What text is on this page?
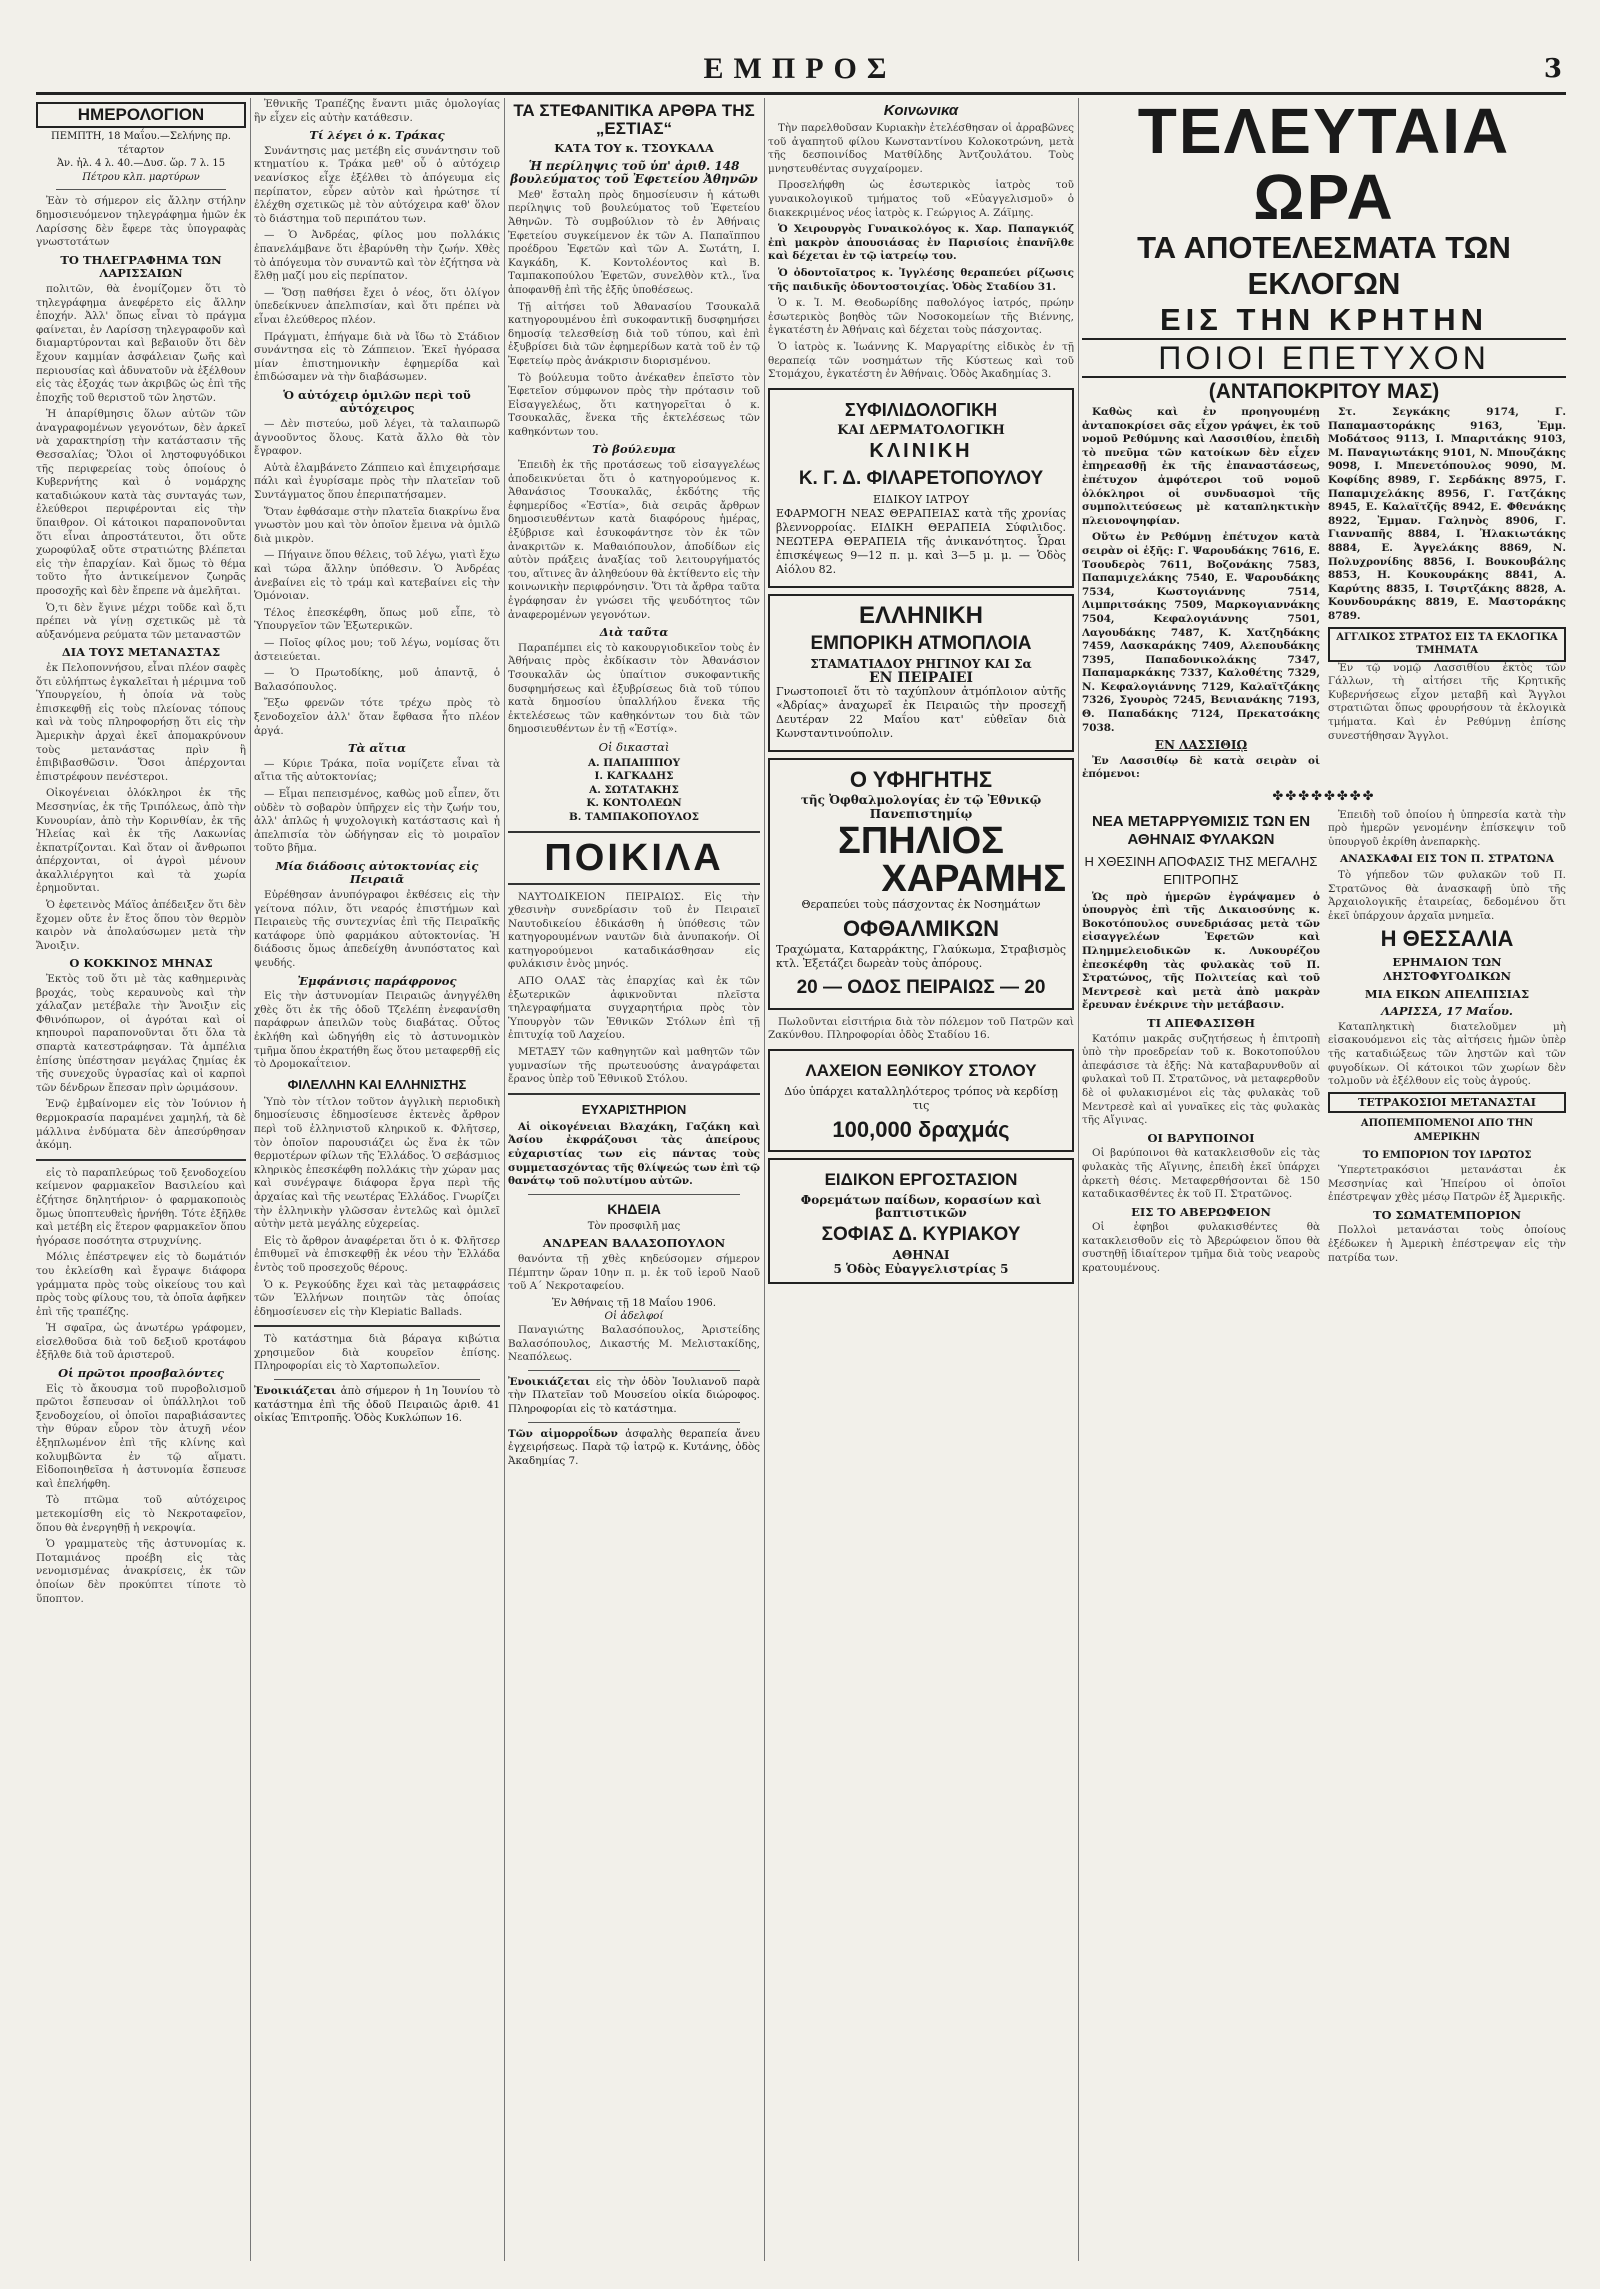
ΕΜΠΡΟΣ	3
ΗΜΕΡΟΛΟΓΙΟΝ
ΠΕΜΠΤΗ, 18 Μαΐου.—Σελήνης πρ. τέταρτον
Ἀν. ἡλ. 4 λ. 40.—Δυσ. ὥρ. 7 λ. 15
Πέτρου κλπ. μαρτύρων

Ἐὰν τὸ σήμερον εἰς ἄλλην στήλην δημοσιευόμενον τηλεγράφημα ἡμῶν ἐκ Λαρίσσης δὲν ἔφερε τὰς ὑπογραφὰς γνωστοτάτων

ΤΟ ΤΗΛΕΓΡΑΦΗΜΑ ΤΩΝ ΛΑΡΙΣΣΑΙΩΝ

πολιτῶν, θὰ ἐνομίζομεν ὅτι τὸ τηλεγράφημα ἀνεφέρετο εἰς ἄλλην ἐποχήν. Ἀλλ' ὅπως εἶναι τὸ πράγμα φαίνεται, ἐν Λαρίσσῃ τηλεγραφοῦν καὶ διαμαρτύρονται καὶ βεβαιοῦν ὅτι δὲν ἔχουν καμμίαν ἀσφάλειαν ζωῆς καὶ περιουσίας καὶ ἀδυνατοῦν νὰ ἐξέλθουν εἰς τὰς ἐξοχάς των ἀκριβῶς ὡς ἐπὶ τῆς ἐποχῆς τοῦ θεριστοῦ τῶν ληστῶν.

Ἡ ἀπαρίθμησις ὅλων αὐτῶν τῶν ἀναγραφομένων γεγονότων, δὲν ἀρκεῖ νὰ χαρακτηρίσῃ τὴν κατάστασιν τῆς Θεσσαλίας; Ὅλοι οἱ ληστοφυγόδικοι τῆς περιφερείας τοὺς ὁποίους ὁ Κυβερνήτης καὶ ὁ νομάρχης καταδιώκουν κατὰ τὰς συνταγάς των, ἐλεύθεροι περιφέρονται εἰς τὴν ὕπαιθρον. Οἱ κάτοικοι παραπονοῦνται ὅτι εἶναι ἀπροστάτευτοι, ὅτι οὔτε χωροφύλαξ οὔτε στρατιώτης βλέπεται εἰς τὴν ἐπαρχίαν. Καὶ ὅμως τὸ θέμα τοῦτο ἦτο ἀντικείμενον ζωηρᾶς προσοχῆς καὶ δὲν ἔπρεπε νὰ ἀμελῆται.

Ὁ,τι δὲν ἔγινε μέχρι τοῦδε καὶ ὅ,τι πρέπει νὰ γίνῃ σχετικῶς μὲ τὰ αὐξανόμενα ρεύματα τῶν μεταναστῶν

ΔΙΑ ΤΟΥΣ ΜΕΤΑΝΑΣΤΑΣ

ἐκ Πελοποννήσου, εἶναι πλέον σαφὲς ὅτι εὐλήπτως ἐγκαλεῖται ἡ μέριμνα τοῦ Ὑπουργείου, ἡ ὁποία νὰ τοὺς ἐπισκεφθῇ εἰς τοὺς πλείονας τόπους καὶ νὰ τοὺς πληροφορήσῃ ὅτι εἰς τὴν Ἀμερικὴν ἀρχαὶ ἐκεῖ ἀπομακρύνουν τοὺς μετανάστας πρὶν ἢ ἐπιβιβασθῶσιν. Ὅσοι ἀπέρχονται ἐπιστρέφουν πενέστεροι.

Οἰκογένειαι ὁλόκληροι ἐκ τῆς Μεσσηνίας, ἐκ τῆς Τριπόλεως, ἀπὸ τὴν Κυνουρίαν, ἀπὸ τὴν Κορινθίαν, ἐκ τῆς Ἠλείας καὶ ἐκ τῆς Λακωνίας ἐκπατρίζονται. Καὶ ὅταν οἱ ἄνθρωποι ἀπέρχονται, οἱ ἀγροὶ μένουν ἀκαλλιέργητοι καὶ τὰ χωρία ἐρημοῦνται.

Ὁ ἐφετεινὸς Μάϊος ἀπέδειξεν ὅτι δὲν ἔχομεν οὔτε ἐν ἔτος ὅπου τὸν θερμὸν καιρὸν νὰ ἀπολαύσωμεν μετὰ τὴν Ἄνοιξιν.

Ο ΚΟΚΚΙΝΟΣ ΜΗΝΑΣ

Ἐκτὸς τοῦ ὅτι μὲ τὰς καθημερινὰς βροχάς, τοὺς κεραυνοὺς καὶ τὴν χάλαζαν μετέβαλε τὴν Ἄνοιξιν εἰς Φθινόπωρον, οἱ ἀγρόται καὶ οἱ κηπουροὶ παραπονοῦνται ὅτι ὅλα τὰ σπαρτὰ κατεστράφησαν. Τὰ ἀμπέλια ἐπίσης ὑπέστησαν μεγάλας ζημίας ἐκ τῆς συνεχοῦς ὑγρασίας καὶ οἱ καρποὶ τῶν δένδρων ἔπεσαν πρὶν ὡριμάσουν.

Ἐνῷ ἐμβαίνομεν εἰς τὸν Ἰούνιον ἡ θερμοκρασία παραμένει χαμηλή, τὰ δὲ μάλλινα ἐνδύματα δὲν ἀπεσύρθησαν ἀκόμη.

εἰς τὸ παραπλεύρως τοῦ ξενοδοχείου κείμενον φαρμακεῖον Βασιλείου καὶ ἐζήτησε δηλητήριον· ὁ φαρμακοποιὸς ὅμως ὑποπτευθεὶς ἠρνήθη. Τότε ἐξῆλθε καὶ μετέβη εἰς ἕτερον φαρμακεῖον ὅπου ἠγόρασε ποσότητα στρυχνίνης.

Μόλις ἐπέστρεψεν εἰς τὸ δωμάτιόν του ἐκλείσθη καὶ ἔγραψε διάφορα γράμματα πρὸς τοὺς οἰκείους του καὶ πρὸς τοὺς φίλους του, τὰ ὁποῖα ἀφῆκεν ἐπὶ τῆς τραπέζης.

Ἡ σφαῖρα, ὡς ἀνωτέρω γράφομεν, εἰσελθοῦσα διὰ τοῦ δεξιοῦ κροτάφου ἐξῆλθε διὰ τοῦ ἀριστεροῦ.

Οἱ πρῶτοι προσβαλόντες

Εἰς τὸ ἄκουσμα τοῦ πυροβολισμοῦ πρῶτοι ἔσπευσαν οἱ ὑπάλληλοι τοῦ ξενοδοχείου, οἱ ὁποῖοι παραβιάσαντες τὴν θύραν εὗρον τὸν ἀτυχῆ νέον ἐξηπλωμένον ἐπὶ τῆς κλίνης καὶ κολυμβῶντα ἐν τῷ αἵματι. Εἰδοποιηθεῖσα ἡ ἀστυνομία ἔσπευσε καὶ ἐπελήφθη.

Τὸ πτῶμα τοῦ αὐτόχειρος μετεκομίσθη εἰς τὸ Νεκροταφεῖον, ὅπου θὰ ἐνεργηθῇ ἡ νεκροψία.

Ὁ γραμματεὺς τῆς ἀστυνομίας κ. Ποταμιάνος προέβη εἰς τὰς νενομισμένας ἀνακρίσεις, ἐκ τῶν ὁποίων δὲν προκύπτει τίποτε τὸ ὕποπτον.

Ἐθνικῆς Τραπέζης ἔναντι μιᾶς ὁμολογίας ἣν εἶχεν εἰς αὐτὴν κατάθεσιν.

Τί λέγει ὁ κ. Τράκας

Συνάντησις μας μετέβη εἰς συνάντησιν τοῦ κτηματίου κ. Τράκα μεθ' οὗ ὁ αὐτόχειρ νεανίσκος εἶχε ἐξέλθει τὸ ἀπόγευμα εἰς περίπατον, εὗρεν αὐτὸν καὶ ἠρώτησε τί ἐλέχθη σχετικῶς μὲ τὸν αὐτόχειρα καθ' ὅλον τὸ διάστημα τοῦ περιπάτου των.

— Ὁ Ἀνδρέας, φίλος μου πολλάκις ἐπανελάμβανε ὅτι ἐβαρύνθη τὴν ζωήν. Χθὲς τὸ ἀπόγευμα τὸν συναντῶ καὶ τὸν ἐζήτησα νὰ ἔλθῃ μαζί μου εἰς περίπατον.

— Ὅσῃ παθήσει ἔχει ὁ νέος, ὅτι ὀλίγον ὑπεδείκνυεν ἀπελπισίαν, καὶ ὅτι πρέπει νὰ εἶναι ἐλεύθερος πλέον.

Πράγματι, ἐπήγαμε διὰ νὰ ἴδω τὸ Στάδιον συνάντησα εἰς τὸ Ζάππειον. Ἐκεῖ ἠγόρασα μίαν ἐπιστημονικὴν ἐφημερίδα καὶ ἐπιδώσαμεν νὰ τὴν διαβάσωμεν.

Ὁ αὐτόχειρ ὁμιλῶν περὶ τοῦ αὐτόχειρος

— Δὲν πιστεύω, μοῦ λέγει, τὰ ταλαιπωρῶ ἀγνοοῦντος ὅλους. Κατὰ ἄλλο θὰ τὸν ἔγραφον.

Αὐτὰ ἐλαμβάνετο Ζάππειο καὶ ἐπιχειρήσαμε πάλι καὶ ἐγυρίσαμε πρὸς τὴν πλατεῖαν τοῦ Συντάγματος ὅπου ἐπεριπατήσαμεν.

Ὅταν ἐφθάσαμε στὴν πλατεῖα διακρίνω ἕνα γνωστὸν μου καὶ τὸν ὁποῖον ἔμεινα νὰ ὁμιλῶ διὰ μικρὸν.

— Πήγαινε ὅπου θέλεις, τοῦ λέγω, γιατὶ ἔχω καὶ τώρα ἄλλην ὑπόθεσιν. Ὁ Ἀνδρέας ἀνεβαίνει εἰς τὸ τράμ καὶ κατεβαίνει εἰς τὴν Ὁμόνοιαν.

Τέλος ἐπεσκέφθη, ὅπως μοῦ εἶπε, τὸ Ὑπουργεῖον τῶν Ἐξωτερικῶν.

— Ποῖος φίλος μου; τοῦ λέγω, νομίσας ὅτι ἀστειεύεται.

— Ὁ Πρωτοδίκης, μοῦ ἀπαντᾷ, ὁ Βαλασόπουλος.

Ἔξω φρενῶν τότε τρέχω πρὸς τὸ ξενοδοχεῖον ἀλλ' ὅταν ἔφθασα ἦτο πλέον ἀργά.

Τὰ αἴτια

— Κύριε Τράκα, ποῖα νομίζετε εἶναι τὰ αἴτια τῆς αὐτοκτονίας;

— Εἶμαι πεπεισμένος, καθὼς μοῦ εἶπεν, ὅτι οὐδὲν τὸ σοβαρὸν ὑπῆρχεν εἰς τὴν ζωήν του, ἀλλ' ἁπλῶς ἡ ψυχολογικὴ κατάστασις καὶ ἡ ἀπελπισία τὸν ὡδήγησαν εἰς τὸ μοιραῖον τοῦτο βῆμα.

Μία διάδοσις αὐτοκτονίας εἰς Πειραιᾶ

Εὐρέθησαν ἀνυπόγραφοι ἐκθέσεις εἰς τὴν γείτονα πόλιν, ὅτι νεαρός ἐπιστήμων καὶ Πειραιεὺς τῆς συντεχνίας ἐπὶ τῆς Πειραϊκῆς κατάφορε ὑπὸ φαρμάκου αὐτοκτονίας. Ἡ διάδοσις ὅμως ἀπεδείχθη ἀνυπόστατος καὶ ψευδής.

Ἐμφάνισις παράφρονος

Εἰς τὴν ἀστυνομίαν Πειραιῶς ἀνηγγέλθη χθὲς ὅτι ἐκ τῆς ὁδοῦ Τζελέπη ἐνεφανίσθη παράφρων ἀπειλῶν τοὺς διαβάτας. Οὗτος ἐκλήθη καὶ ὡδηγήθη εἰς τὸ ἀστυνομικὸν τμῆμα ὅπου ἐκρατήθη ἕως ὅτου μεταφερθῇ εἰς τὸ Δρομοκαΐτειον.

ΦΙΛΕΛΛΗΝ ΚΑΙ ΕΛΛΗΝΙΣΤΗΣ

Ὑπὸ τὸν τίτλον τοῦτον ἀγγλικὴ περιοδικὴ δημοσίευσις ἐδημοσίευσε ἐκτενὲς ἄρθρον περὶ τοῦ ἐλληνιστοῦ κληρικοῦ κ. Φλῆτσερ, τὸν ὁποῖον παρουσιάζει ὡς ἕνα ἐκ τῶν θερμοτέρων φίλων τῆς Ἑλλάδος. Ὁ σεβάσμιος κληρικὸς ἐπεσκέφθη πολλάκις τὴν χώραν μας καὶ συνέγραψε διάφορα ἔργα περὶ τῆς ἀρχαίας καὶ τῆς νεωτέρας Ἑλλάδος. Γνωρίζει τὴν ἑλληνικὴν γλῶσσαν ἐντελῶς καὶ ὁμιλεῖ αὐτὴν μετὰ μεγάλης εὐχερείας.

Εἰς τὸ ἄρθρον ἀναφέρεται ὅτι ὁ κ. Φλῆτσερ ἐπιθυμεῖ νὰ ἐπισκεφθῇ ἐκ νέου τὴν Ἑλλάδα ἐντὸς τοῦ προσεχοῦς θέρους.

Ὁ κ. Ρεγκούδης ἔχει καὶ τὰς μεταφράσεις τῶν Ἑλλήνων ποιητῶν τὰς ὁποίας ἐδημοσίευσεν εἰς τὴν Κlepiatic Ballads.

Τὸ κατάστημα διὰ βάραγα κιβώτια χρησιμεῦον διὰ κουρεῖον ἐπίσης. Πληροφορίαι εἰς τὸ Χαρτοπωλεῖον.

Ἐνοικιάζεται ἀπὸ σήμερον ἡ 1η Ἰουνίου τὸ κατάστημα ἐπὶ τῆς ὁδοῦ Πειραιῶς ἀριθ. 41 οἰκίας Ἐπιτροπῆς. Ὁδὸς Κυκλώπων 16.

ΤΑ ΣΤΕΦΑΝΙΤΙΚΑ ΑΡΘΡΑ ΤΗΣ „ΕΣΤΙΑΣ“
ΚΑΤΑ ΤΟΥ κ. ΤΣΟΥΚΑΛΑ
Ἡ περίληψις τοῦ ὑπ' ἀριθ. 148 βουλεύματος τοῦ Ἐφετείου Ἀθηνῶν

Μεθ' ἔσταλη πρὸς δημοσίευσιν ἡ κάτωθι περίληψις τοῦ βουλεύματος τοῦ Ἐφετείου Ἀθηνῶν. Τὸ συμβούλιον τὸ ἐν Ἀθήναις Ἐφετείου συγκείμενον ἐκ τῶν Α. Παπαϊππου προέδρου Ἐφετῶν καὶ τῶν Α. Σωτάτη, Ι. Καγκάδη, Κ. Κοντολέοντος καὶ Β. Ταμπακοπούλου Ἐφετῶν, συνελθὸν κτλ., ἵνα ἀποφανθῇ ἐπὶ τῆς ἐξῆς ὑποθέσεως.

Τῇ αἰτήσει τοῦ Ἀθανασίου Τσουκαλᾶ κατηγορουμένου ἐπὶ συκοφαντικῇ δυσφημήσει δημοσίᾳ τελεσθείσῃ διὰ τοῦ τύπου, καὶ ἐπὶ ἐξυβρίσει διὰ τῶν ἐφημερίδων κατὰ τοῦ ἐν τῷ Ἐφετείῳ πρὸς ἀνάκρισιν διορισμένου.

Τὸ βούλευμα τοῦτο ἀνέκαθεν ἐπεῖστο τὸν Ἐφετεῖον σύμφωνον πρὸς τὴν πρότασιν τοῦ Εἰσαγγελέως, ὅτι κατηγορεῖται ὁ κ. Τσουκαλᾶς, ἕνεκα τῆς ἐκτελέσεως τῶν καθηκόντων του.

Τὸ βούλευμα

Ἐπειδὴ ἐκ τῆς προτάσεως τοῦ εἰσαγγελέως ἀποδεικνύεται ὅτι ὁ κατηγορούμενος κ. Ἀθανάσιος Τσουκαλᾶς, ἐκδότης τῆς ἐφημερίδος «Ἑστία», διὰ σειρᾶς ἄρθρων δημοσιευθέντων κατὰ διαφόρους ἡμέρας, ἐξύβρισε καὶ ἐσυκοφάντησε τὸν ἐκ τῶν ἀνακριτῶν κ. Μαθαιόπουλον, ἀποδίδων εἰς αὐτὸν πράξεις ἀναξίας τοῦ λειτουργήματός του, αἵτινες ἂν ἀληθεύουν θὰ ἐκτίθεντο εἰς τὴν κοινωνικὴν περιφρόνησιν. Ὅτι τὰ ἄρθρα ταῦτα ἐγράφησαν ἐν γνώσει τῆς ψευδότητος τῶν ἀναφερομένων γεγονότων.

Διὰ ταῦτα

Παραπέμπει εἰς τὸ κακουργιοδικεῖον τοὺς ἐν Ἀθήναις πρὸς ἐκδίκασιν τὸν Ἀθανάσιον Τσουκαλᾶν ὡς ὑπαίτιον συκοφαντικῆς δυσφημήσεως καὶ ἐξυβρίσεως διὰ τοῦ τύπου κατὰ δημοσίου ὑπαλλήλου ἕνεκα τῆς ἐκτελέσεως τῶν καθηκόντων του διὰ τῶν δημοσιευθέντων ἐν τῇ «Ἑστίᾳ».

Οἱ δικασταὶ
Α. ΠΑΠΑΙΠΠΟΥ
Ι. ΚΑΓΚΑΔΗΣ
Α. ΣΩΤΑΤΑΚΗΣ
Κ. ΚΟΝΤΟΛΕΩΝ
Β. ΤΑΜΠΑΚΟΠΟΥΛΟΣ
ΠΟΙΚΙΛΑ

ΝΑΥΤΟΔΙΚΕΙΟΝ ΠΕΙΡΑΙΩΣ. Εἰς τὴν χθεσινὴν συνεδρίασιν τοῦ ἐν Πειραιεῖ Ναυτοδικείου ἐδικάσθη ἡ ὑπόθεσις τῶν κατηγορουμένων ναυτῶν διὰ ἀνυπακοήν. Οἱ κατηγορούμενοι καταδικάσθησαν εἰς φυλάκισιν ἑνὸς μηνός.

ΑΠΟ ΟΛΑΣ τὰς ἐπαρχίας καὶ ἐκ τῶν ἐξωτερικῶν ἀφικνοῦνται πλεῖστα τηλεγραφήματα συγχαρητήρια πρὸς τὸν Ὑπουργὸν τῶν Ἐθνικῶν Στόλων ἐπὶ τῇ ἐπιτυχίᾳ τοῦ Λαχείου.

ΜΕΤΑΞΥ τῶν καθηγητῶν καὶ μαθητῶν τῶν γυμνασίων τῆς πρωτευούσης ἀναγράφεται ἔρανος ὑπὲρ τοῦ Ἐθνικοῦ Στόλου.

ΕΥΧΑΡΙΣΤΗΡΙΟΝ

Αἱ οἰκογένειαι Βλαχάκη, Γαζάκη καὶ Ἀσίου ἐκφράζουσι τὰς ἀπείρους εὐχαριστίας των εἰς πάντας τοὺς συμμετασχόντας τῆς θλίψεώς των ἐπὶ τῷ θανάτῳ τοῦ πολυτίμου αὐτῶν.

ΚΗΔΕΙΑ
Τὸν προσφιλῆ μας
ΑΝΔΡΕΑΝ ΒΑΛΑΣΟΠΟΥΛΟΝ

θανόντα τῇ χθὲς κηδεύσομεν σήμερον Πέμπτην ὥραν 10ην π. μ. ἐκ τοῦ ἱεροῦ Ναοῦ τοῦ Α΄ Νεκροταφείου.

Ἐν Ἀθήναις τῇ 18 Μαΐου 1906.
Οἱ ἀδελφοί

Παναγιώτης Βαλασόπουλος, Ἀριστείδης Βαλασόπουλος, Δικαστής Μ. Μελιστακίδης, Νεαπόλεως.

Ἐνοικιάζεται εἰς τὴν ὁδὸν Ἰουλιανοῦ παρὰ τὴν Πλατεῖαν τοῦ Μουσείου οἰκία διώροφος. Πληροφορίαι εἰς τὸ κατάστημα.

Τῶν αἱμορροΐδων ἀσφαλὴς θεραπεία ἄνευ ἐγχειρήσεως. Παρὰ τῷ ἰατρῷ κ. Κυτάνης, ὁδὸς Ἀκαδημίας 7.

Κοινωνικα

Τὴν παρελθοῦσαν Κυριακὴν ἐτελέσθησαν οἱ ἀρραβῶνες τοῦ ἀγαπητοῦ φίλου Κωνσταντίνου Κολοκοτρώνη, μετὰ τῆς δεσποινίδος Ματθίλδης Ἀντζουλάτου. Τοὺς μνηστευθέντας συγχαίρομεν.

Προσελήφθη ὡς ἐσωτερικὸς ἰατρὸς τοῦ γυναικολογικοῦ τμήματος τοῦ «Εὐαγγελισμοῦ» ὁ διακεκριμένος νέος ἰατρὸς κ. Γεώργιος Α. Ζάϊμης.

Ὁ Χειρουργὸς Γυναικολόγος κ. Χαρ. Παπαγκιόζ ἐπὶ μακρὸν ἀπουσιάσας ἐν Παρισίοις ἐπανῆλθε καὶ δέχεται ἐν τῷ ἰατρείῳ του.

Ὁ ὀδοντοῖατρος κ. Ἰγγλέσης θεραπεύει ρίζωσις τῆς παιδικῆς ὀδοντοστοιχίας. Ὁδὸς Σταδίου 31.

Ὁ κ. Ἰ. Μ. Θεοδωρίδης παθολόγος ἰατρός, πρώην ἐσωτερικὸς βοηθὸς τῶν Νοσοκομείων τῆς Βιέννης, ἐγκατέστη ἐν Ἀθήναις καὶ δέχεται τοὺς πάσχοντας.

Ὁ ἰατρὸς κ. Ἰωάννης Κ. Μαργαρίτης εἰδικὸς ἐν τῇ θεραπείᾳ τῶν νοσημάτων τῆς Κύστεως καὶ τοῦ Στομάχου, ἐγκατέστη ἐν Ἀθήναις. Ὁδὸς Ἀκαδημίας 3.

ΣΥΦΙΛΙΔΟΛΟΓΙΚΗ
ΚΑΙ ΔΕΡΜΑΤΟΛΟΓΙΚΗ
ΚΛΙΝΙΚΗ
Κ. Γ. Δ. ΦΙΛΑΡΕΤΟΠΟΥΛΟΥ
ΕΙΔΙΚΟΥ ΙΑΤΡΟΥ

ΕΦΑΡΜΟΓΗ ΝΕΑΣ ΘΕΡΑΠΕΙΑΣ κατὰ τῆς χρονίας βλεννορροίας. ΕΙΔΙΚΗ ΘΕΡΑΠΕΙΑ Σύφιλιδος. ΝΕΩΤΕΡΑ ΘΕΡΑΠΕΙΑ τῆς ἀνικανότητος. Ὧραι ἐπισκέψεως 9—12 π. μ. καὶ 3—5 μ. μ. — Ὁδὸς Αἰόλου 82.

ΕΛΛΗΝΙΚΗ
ΕΜΠΟΡΙΚΗ ΑΤΜΟΠΛΟΙΑ
ΣΤΑΜΑΤΙΑΔΟΥ ΡΗΓΙΝΟΥ ΚΑΙ Σα
ΕΝ ΠΕΙΡΑΙΕΙ

Γνωστοποιεῖ ὅτι τὸ ταχύπλουν ἀτμόπλοιον αὐτῆς «Ἀδρίας» ἀναχωρεῖ ἐκ Πειραιῶς τὴν προσεχῆ Δευτέραν 22 Μαΐου κατ' εὐθεῖαν διὰ Κωνσταντινούπολιν.

Ο ΥΦΗΓΗΤΗΣ
τῆς Ὀφθαλμολογίας ἐν τῷ Ἐθνικῷ Πανεπιστημίῳ
ΣΠΗΛΙΟΣ
ΧΑΡΑΜΗΣ

Θεραπεύει τοὺς πάσχοντας ἐκ Νοσημάτων

ΟΦΘΑΛΜΙΚΩΝ

Τραχώματα, Καταρράκτης, Γλαύκωμα, Στραβισμὸς κτλ. Ἐξετάζει δωρεὰν τοὺς ἀπόρους.

20 — ΟΔΟΣ ΠΕΙΡΑΙΩΣ — 20

Πωλοῦνται εἰσιτήρια διὰ τὸν πόλεμον τοῦ Πατρῶν καὶ Ζακύνθου. Πληροφορίαι ὁδὸς Σταδίου 16.

ΛΑΧΕΙΟΝ ΕΘΝΙΚΟΥ ΣΤΟΛΟΥ

Δύο ὑπάρχει καταλληλότερος τρόπος νὰ κερδίσῃ τις

100,000 δραχμάς
ΕΙΔΙΚΟΝ ΕΡΓΟΣΤΑΣΙΟΝ
Φορεμάτων παίδων, κορασίων καὶ βαπτιστικῶν
ΣΟΦΙΑΣ Δ. ΚΥΡΙΑΚΟΥ
ΑΘΗΝΑΙ
5 Ὁδὸς Εὐαγγελιστρίας 5
ΤΕΛΕΥΤΑΙΑ ΩΡΑ
ΤΑ ΑΠΟΤΕΛΕΣΜΑΤΑ ΤΩΝ ΕΚΛΟΓΩΝ
ΕΙΣ ΤΗΝ ΚΡΗΤΗΝ
ΠΟΙΟΙ ΕΠΕΤΥΧΟΝ
(ΑΝΤΑΠΟΚΡΙΤΟΥ ΜΑΣ)

Καθὼς καὶ ἐν προηγουμένῃ ἀνταποκρίσει σᾶς εἶχον γράψει, ἐκ τοῦ νομοῦ Ρεθύμνης καὶ Λασσιθίου, ἐπειδὴ τὸ πνεῦμα τῶν κατοίκων δὲν εἶχεν ἐπηρεασθῇ ἐκ τῆς ἐπαναστάσεως, ἐπέτυχον ἀμφότεροι τοῦ νομοῦ ὁλόκληροι οἱ συνδυασμοὶ τῆς συμπολιτεύσεως μὲ καταπληκτικὴν πλειονοψηφίαν.

Οὕτω ἐν Ρεθύμνῃ ἐπέτυχον κατὰ σειρὰν οἱ ἑξῆς: Γ. Ψαρουδάκης 7616, Ε. Τσουδερὸς 7611, Βοζονάκης 7583, Παπαμιχελάκης 7540, Ε. Ψαρουδάκης 7534, Κωστογιάννης 7514, Λιμπριτσάκης 7509, Μαρκογιαννάκης 7504, Κεφαλογιάννης 7501, Λαγουδάκης 7487, Κ. Χατζηδάκης 7459, Λασκαράκης 7409, Αλεπουδάκης 7395, Παπαδονικολάκης 7347, Παπαμαρκάκης 7337, Καλοθέτης 7329, Ν. Κεφαλογιάννης 7129, Καλαϊτζάκης 7326, Σγουρὸς 7245, Βενιανάκης 7193, Θ. Παπαδάκης 7124, Πρεκατσάκης 7038.

ΕΝ ΛΑΣΣΙΘΙῼ

Ἐν Λασσιθίῳ δὲ κατὰ σειρὰν οἱ ἐπόμενοι:

Στ. Σεγκάκης 9174, Γ. Παπαμαστοράκης 9163, Ἐμμ. Μοδάτσος 9113, Ι. Μπαριτάκης 9103, Μ. Παναγιωτάκης 9101, Ν. Μπουζάκης 9098, Ι. Μπενετόπουλος 9090, Μ. Κοφίδης 8989, Γ. Σερδάκης 8975, Γ. Παπαμιχελάκης 8956, Γ. Γατζάκης 8945, Ε. Καλαϊτζῆς 8942, Ε. Φθενάκης 8922, Ἐμμαν. Γαληνὸς 8906, Γ. Γιανναπῆς 8884, Ι. Ἠλακιωτάκης 8884, Ε. Ἀγγελάκης 8869, Ν. Πολυχρονίδης 8856, Ι. Βουκουβάλης 8853, Η. Κουκουράκης 8841, Α. Καρύτης 8835, Ι. Τσιρτζάκης 8828, Α. Κουνδουράκης 8819, Ε. Μαστοράκης 8789.

ΑΓΓΛΙΚΟΣ ΣΤΡΑΤΟΣ ΕΙΣ ΤΑ ΕΚΛΟΓΙΚΑ ΤΜΗΜΑΤΑ

Ἐν τῷ νομῷ Λασσιθίου ἐκτὸς τῶν Γάλλων, τὴ αἰτήσει τῆς Κρητικῆς Κυβερνήσεως εἶχον μεταβῆ καὶ Ἄγγλοι στρατιῶται ὅπως φρουρήσουν τὰ ἐκλογικὰ τμήματα. Καὶ ἐν Ρεθύμνῃ ἐπίσης συνεστήθησαν Ἄγγλοι.

✤✤✤✤✤✤✤✤
ΝΕΑ ΜΕΤΑΡΡΥΘΜΙΣΙΣ ΤΩΝ ΕΝ ΑΘΗΝΑΙΣ ΦΥΛΑΚΩΝ
Η ΧΘΕΣΙΝΗ ΑΠΟΦΑΣΙΣ ΤΗΣ ΜΕΓΑΛΗΣ ΕΠΙΤΡΟΠΗΣ

Ὡς πρὸ ἡμερῶν ἐγράψαμεν ὁ ὑπουργὸς ἐπὶ τῆς Δικαιοσύνης κ. Βοκοτόπουλος συνεδριάσας μετὰ τῶν εἰσαγγελέων Ἐφετῶν καὶ Πλημμελειοδικῶν κ. Λυκουρέζου ἐπεσκέφθη τὰς φυλακὰς τοῦ Π. Στρατώνος, τῆς Πολιτείας καὶ τοῦ Μεντρεσὲ καὶ μετὰ ἀπὸ μακρὰν ἔρευναν ἐνέκρινε τὴν μετάβασιν.

ΤΙ ΑΠΕΦΑΣΙΣΘΗ

Κατόπιν μακρᾶς συζητήσεως ἡ ἐπιτροπὴ ὑπὸ τὴν προεδρείαν τοῦ κ. Βοκοτοπούλου ἀπεφάσισε τὰ ἑξῆς: Νὰ καταβαρυνθοῦν αἱ φυλακαὶ τοῦ Π. Στρατῶνος, νὰ μεταφερθοῦν δὲ οἱ φυλακισμένοι εἰς τὰς φυλακὰς τοῦ Μεντρεσὲ καὶ αἱ γυναῖκες εἰς τὰς φυλακὰς τῆς Αἴγινας.

ΟΙ ΒΑΡΥΠΟΙΝΟΙ

Οἱ βαρύποινοι θὰ κατακλεισθοῦν εἰς τὰς φυλακὰς τῆς Αἴγινης, ἐπειδὴ ἐκεῖ ὑπάρχει ἀρκετὴ θέσις. Μεταφερθήσονται δὲ 150 καταδικασθέντες ἐκ τοῦ Π. Στρατῶνος.

ΕΙΣ ΤΟ ΑΒΕΡΩΦΕΙΟΝ

Οἱ ἐφηβοι φυλακισθέντες θὰ κατακλεισθοῦν εἰς τὸ Ἀβερώφειον ὅπου θὰ συστηθῇ ἰδιαίτερον τμῆμα διὰ τοὺς νεαροὺς κρατουμένους.

Ἐπειδὴ τοῦ ὁποίου ἡ ὑπηρεσία κατὰ τὴν πρὸ ἡμερῶν γενομένην ἐπίσκεψιν τοῦ ὑπουργοῦ ἐκρίθη ἀνεπαρκὴς.

ΑΝΑΣΚΑΦΑΙ ΕΙΣ ΤΟΝ Π. ΣΤΡΑΤΩΝΑ

Τὸ γήπεδον τῶν φυλακῶν τοῦ Π. Στρατῶνος θὰ ἀνασκαφῇ ὑπὸ τῆς Ἀρχαιολογικῆς ἑταιρείας, δεδομένου ὅτι ἐκεῖ ὑπάρχουν ἀρχαῖα μνημεῖα.

Η ΘΕΣΣΑΛΙΑ
ΕΡΗΜΑΙΟΝ ΤΩΝ ΛΗΣΤΟΦΥΓΟΔΙΚΩΝ
ΜΙΑ ΕΙΚΩΝ ΑΠΕΛΠΙΣΙΑΣ
ΛΑΡΙΣΣΑ, 17 Μαΐου.

Καταπληκτικὴ διατελοῦμεν μὴ εἰσακουόμενοι εἰς τὰς αἰτήσεις ἡμῶν ὑπὲρ τῆς καταδιώξεως τῶν ληστῶν καὶ τῶν φυγοδίκων. Οἱ κάτοικοι τῶν χωρίων δὲν τολμοῦν νὰ ἐξέλθουν εἰς τοὺς ἀγρούς.

ΤΕΤΡΑΚΟΣΙΟΙ ΜΕΤΑΝΑΣΤΑΙ
ΑΠΟΠΕΜΠΟΜΕΝΟΙ ΑΠΟ ΤΗΝ ΑΜΕΡΙΚΗΝ
ΤΟ ΕΜΠΟΡΙΟΝ ΤΟΥ ΙΔΡΩΤΟΣ

Ὑπερτετρακόσιοι μετανάσται ἐκ Μεσσηνίας καὶ Ἠπείρου οἱ ὁποῖοι ἐπέστρεψαν χθὲς μέσῳ Πατρῶν ἐξ Ἀμερικῆς.

ΤΟ ΣΩΜΑΤΕΜΠΟΡΙΟΝ

Πολλοὶ μετανάσται τοὺς ὁποίους ἐξέδωκεν ἡ Ἀμερικὴ ἐπέστρεψαν εἰς τὴν πατρίδα των.
